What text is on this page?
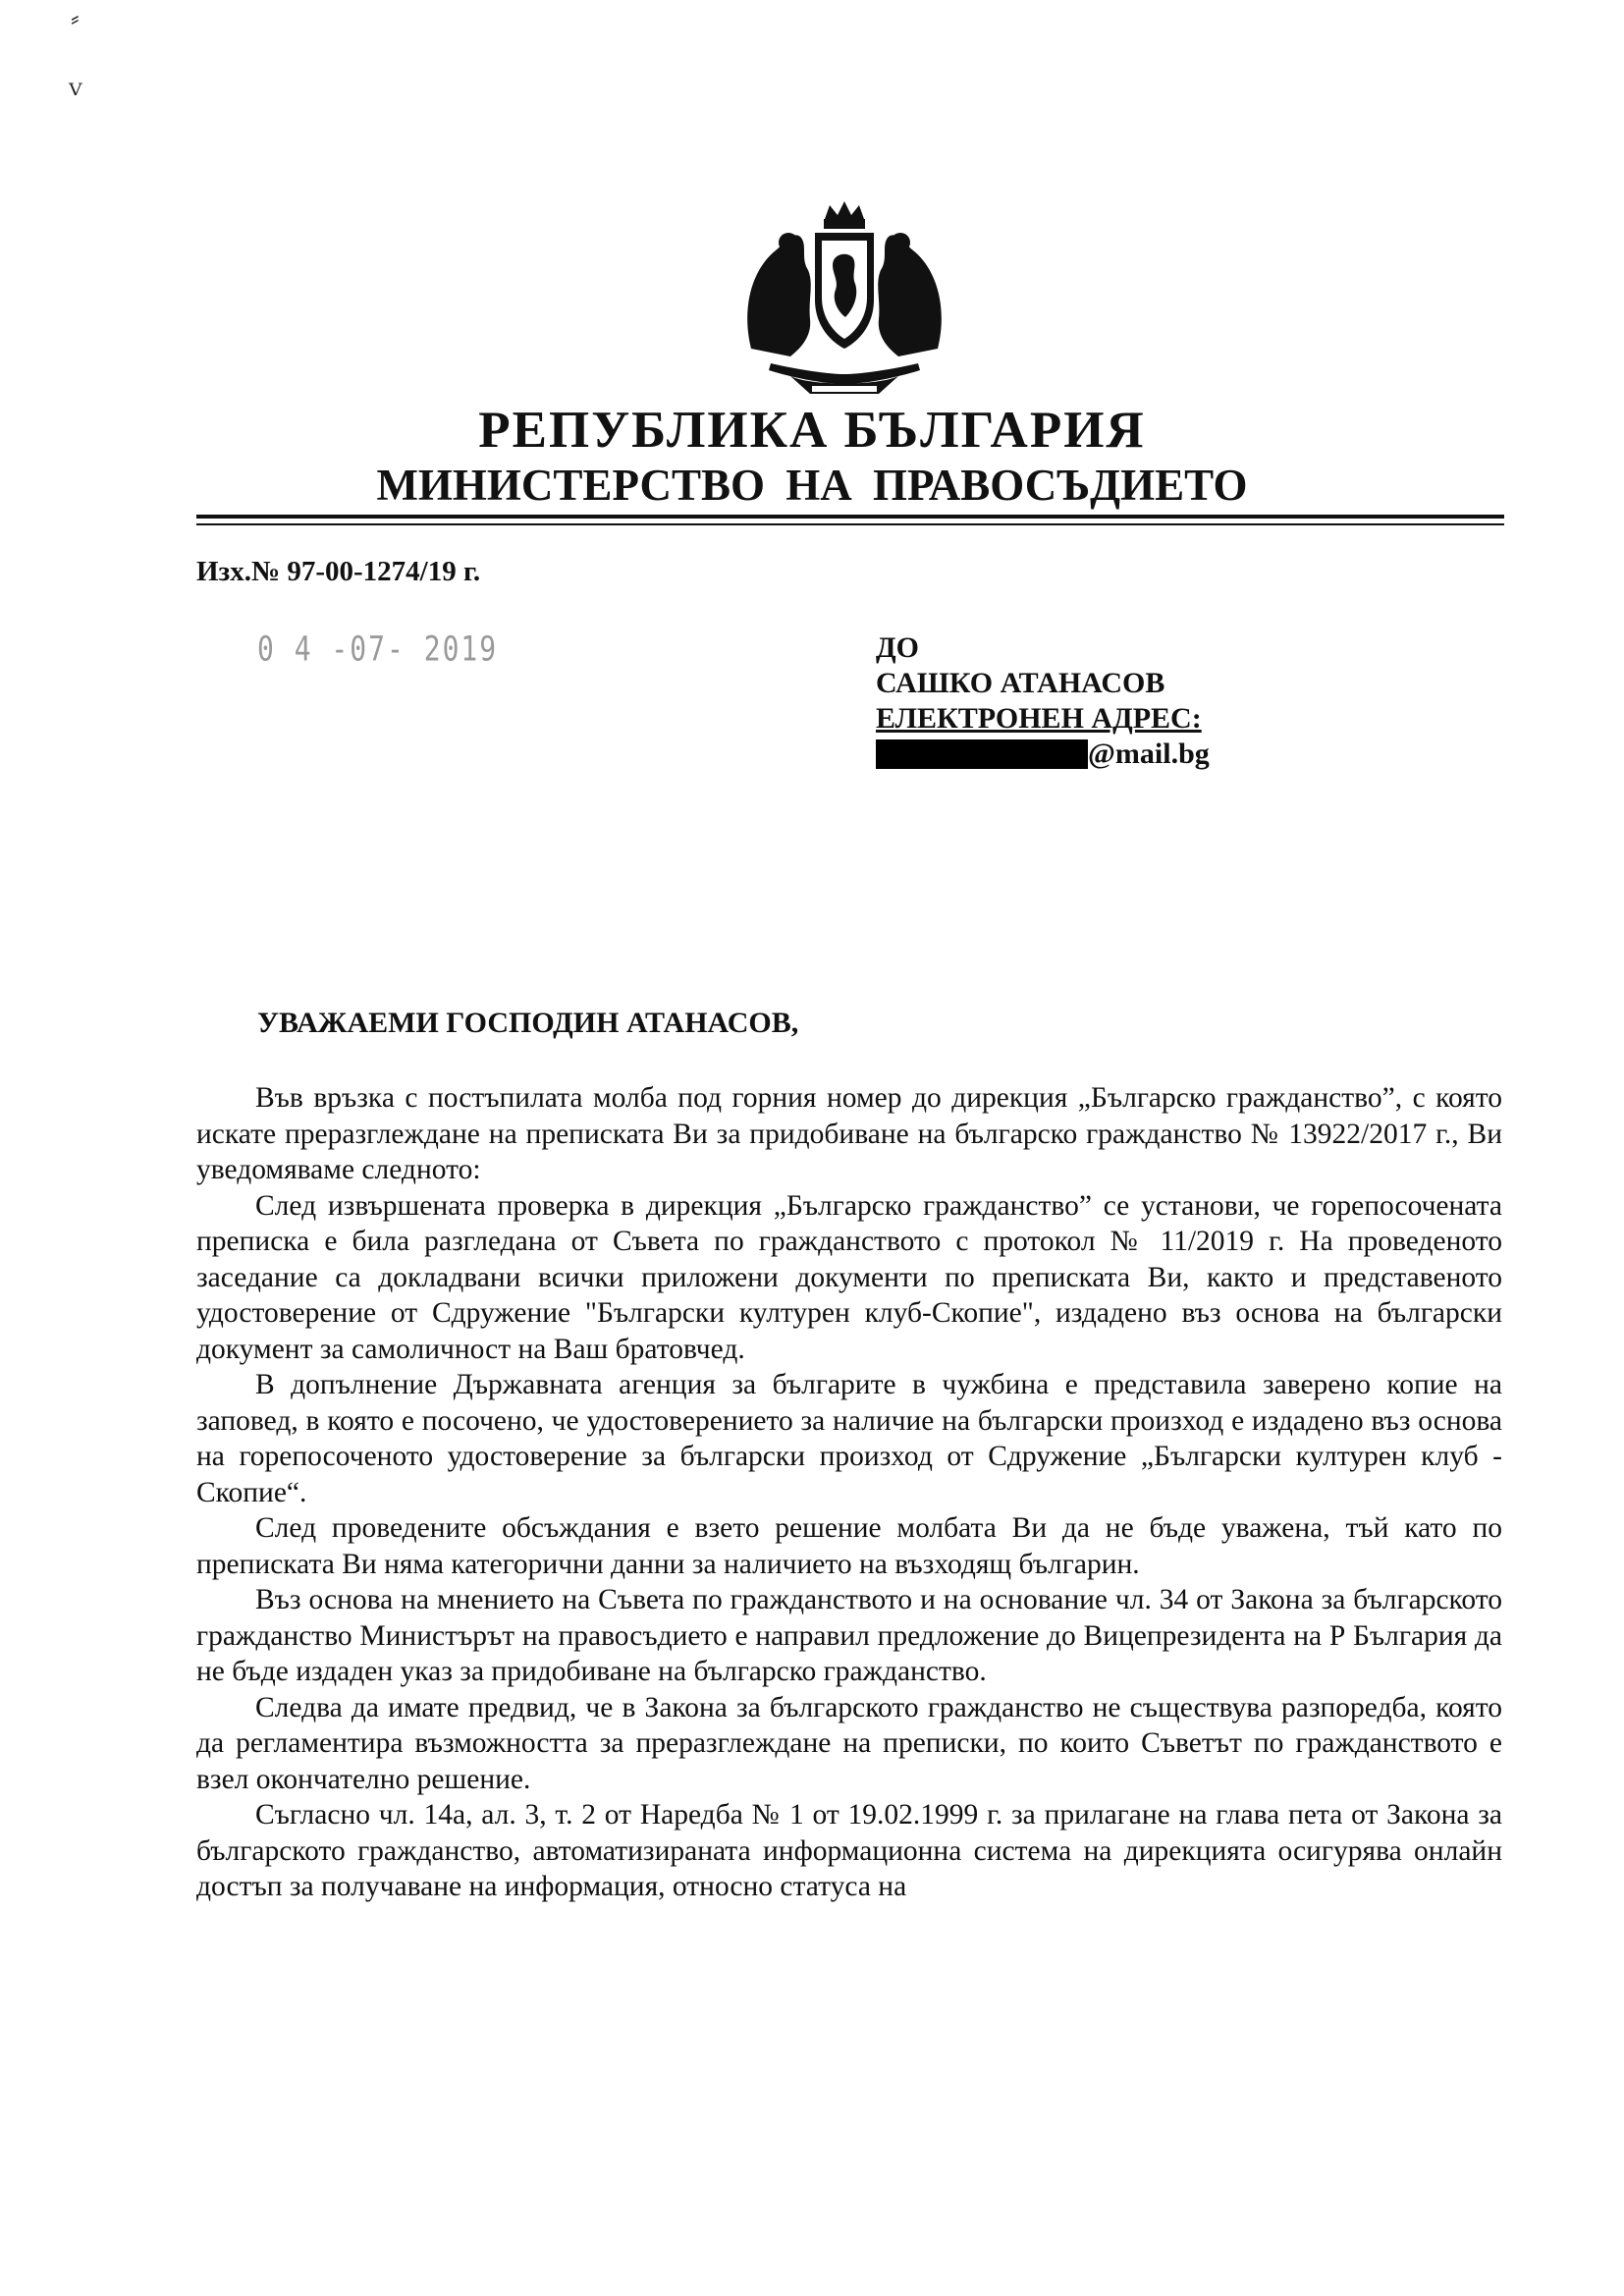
⸗
ⱽ
РЕПУБЛИКА БЪЛГАРИЯ
МИНИСТЕРСТВО НА ПРАВОСЪДИЕТО
Изх.№ 97-00-1274/19 г.
0 4 -07- 2019	ДО
САШКО АТАНАСОВ
ЕЛЕКТРОНЕН АДРЕС:
@mail.bg
УВАЖАЕМИ ГОСПОДИН АТАНАСОВ,

Във връзка с постъпилата молба под горния номер до дирекция „Българско гражданство”, с която искате преразглеждане на преписката Ви за придобиване на българско гражданство № 13922/2017 г., Ви уведомяваме следното:

След извършената проверка в дирекция „Българско гражданство” се установи, че горепосочената преписка е била разгледана от Съвета по гражданството с протокол № 11/2019 г. На проведеното заседание са докладвани всички приложени документи по преписката Ви, както и представеното удостоверение от Сдружение "Български културен клуб-Скопие", издадено въз основа на български документ за самоличност на Ваш братовчед.

В допълнение Държавната агенция за българите в чужбина е представила заверено копие на заповед, в която е посочено, че удостоверението за наличие на български произход е издадено въз основа на горепосоченото удостоверение за български произход от Сдружение „Български културен клуб - Скопие“.

След проведените обсъждания е взето решение молбата Ви да не бъде уважена, тъй като по преписката Ви няма категорични данни за наличието на възходящ българин.

Въз основа на мнението на Съвета по гражданството и на основание чл. 34 от Закона за българското гражданство Министърът на правосъдието е направил предложение до Вицепрезидента на Р България да не бъде издаден указ за придобиване на българско гражданство.

Следва да имате предвид, че в Закона за българското гражданство не съществува разпоредба, която да регламентира възможността за преразглеждане на преписки, по които Съветът по гражданството е взел окончателно решение.

Съгласно чл. 14а, ал. 3, т. 2 от Наредба № 1 от 19.02.1999 г. за прилагане на глава пета от Закона за българското гражданство, автоматизираната информационна система на дирекцията осигурява онлайн достъп за получаване на информация, относно статуса на
